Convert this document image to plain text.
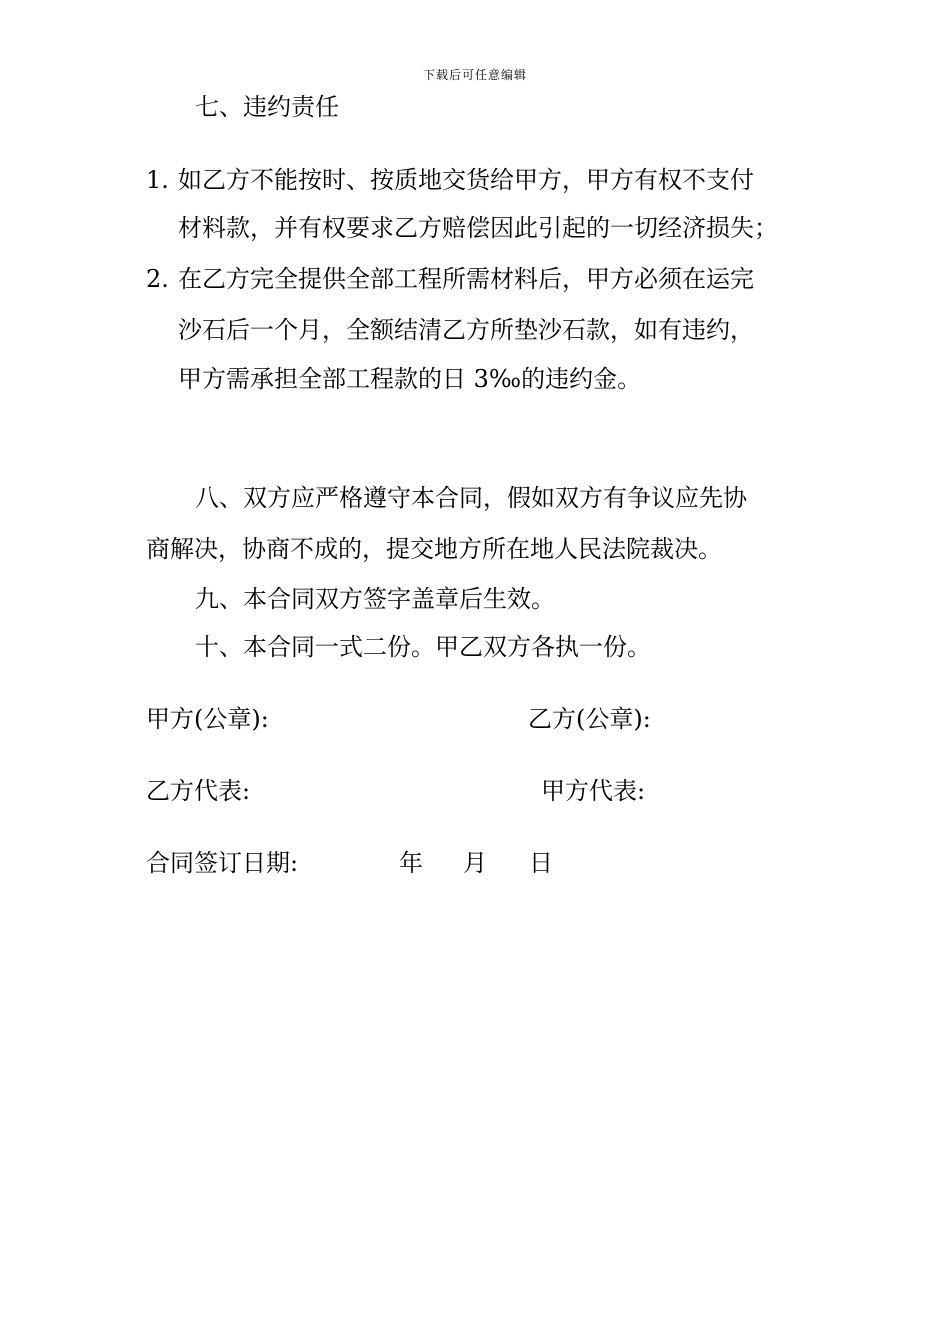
下载后可任意编辑
七、违约责任
1. 如乙方不能按时、按质地交货给甲方，甲方有权不支付
材料款，并有权要求乙方赔偿因此引起的一切经济损失；
2. 在乙方完全提供全部工程所需材料后，甲方必须在运完
沙石后一个月，全额结清乙方所垫沙石款，如有违约，
甲方需承担全部工程款的日 3‰的违约金。
八、双方应严格遵守本合同，假如双方有争议应先协
商解决，协商不成的，提交地方所在地人民法院裁决。
九、本合同双方签字盖章后生效。
十、本合同一式二份。甲乙双方各执一份。
甲方(公章):	乙方(公章):
乙方代表:	甲方代表:
合同签订日期:	年 月 日
